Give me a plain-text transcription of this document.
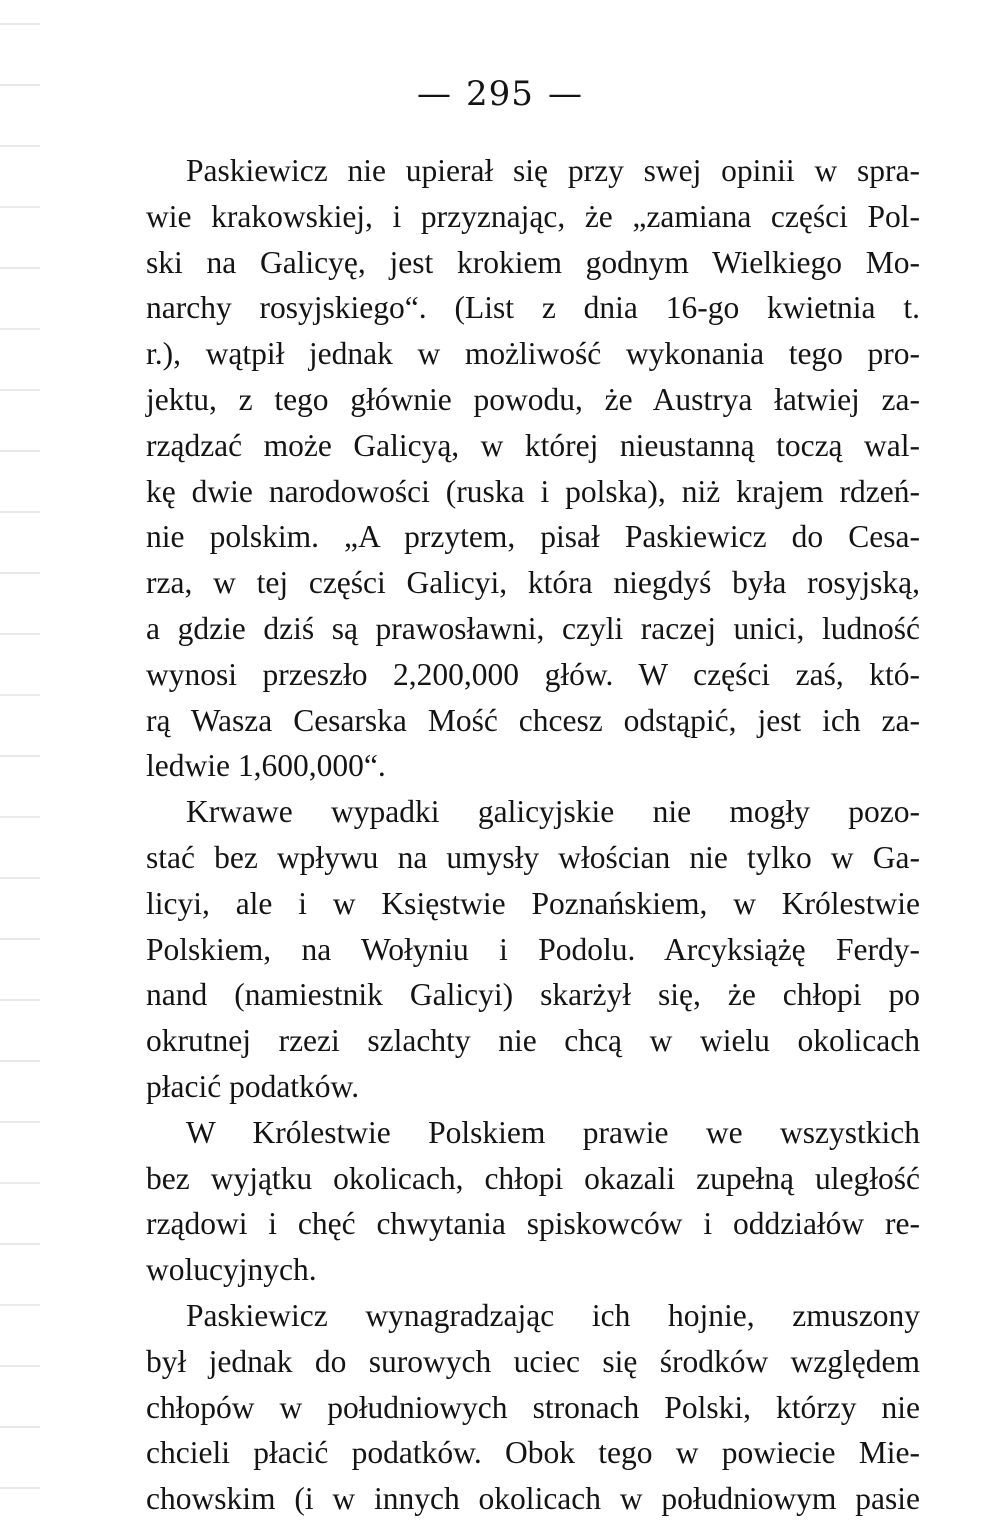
— 295 —
Paskiewicz nie upierał się przy swej opinii w spra-
wie krakowskiej, i przyznając, że „zamiana części Pol-
ski na Galicyę, jest krokiem godnym Wielkiego Mo-
narchy rosyjskiego“. (List z dnia 16-go kwietnia t.
r.), wątpił jednak w możliwość wykonania tego pro-
jektu, z tego głównie powodu, że Austrya łatwiej za-
rządzać może Galicyą, w której nieustanną toczą wal-
kę dwie narodowości (ruska i polska), niż krajem rdzeń-
nie polskim. „A przytem, pisał Paskiewicz do Cesa-
rza, w tej części Galicyi, która niegdyś była rosyjską,
a gdzie dziś są prawosławni, czyli raczej unici, ludność
wynosi przeszło 2,200,000 głów. W części zaś, któ-
rą Wasza Cesarska Mość chcesz odstąpić, jest ich za-
ledwie 1,600,000“.
Krwawe wypadki galicyjskie nie mogły pozo-
stać bez wpływu na umysły włościan nie tylko w Ga-
licyi, ale i w Księstwie Poznańskiem, w Królestwie
Polskiem, na Wołyniu i Podolu. Arcyksiążę Ferdy-
nand (namiestnik Galicyi) skarżył się, że chłopi po
okrutnej rzezi szlachty nie chcą w wielu okolicach
płacić podatków.
W Królestwie Polskiem prawie we wszystkich
bez wyjątku okolicach, chłopi okazali zupełną uległość
rządowi i chęć chwytania spiskowców i oddziałów re-
wolucyjnych.
Paskiewicz wynagradzając ich hojnie, zmuszony
był jednak do surowych uciec się środków względem
chłopów w południowych stronach Polski, którzy nie
chcieli płacić podatków. Obok tego w powiecie Mie-
chowskim (i w innych okolicach w południowym pasie
